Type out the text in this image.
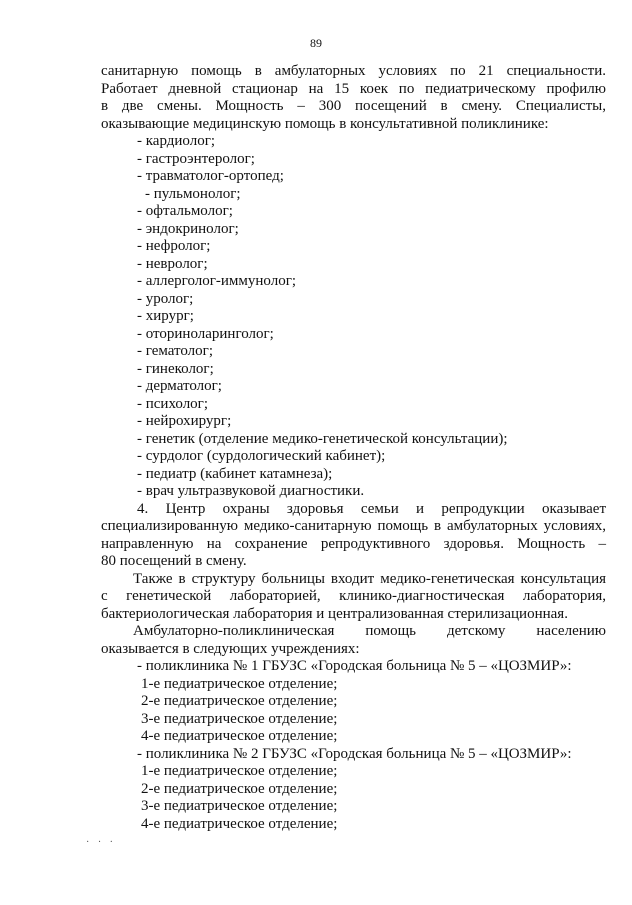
89

санитарную помощь в амбулаторных условиях по 21 специальности.

Работает дневной стационар на 15 коек по педиатрическому профилю

в две смены. Мощность – 300 посещений в смену. Специалисты,

оказывающие медицинскую помощь в консультативной поликлинике:

- кардиолог;
- гастроэнтеролог;
- травматолог-ортопед;
- пульмонолог;
- офтальмолог;
- эндокринолог;
- нефролог;
- невролог;
- аллерголог-иммунолог;
- уролог;
- хирург;
- оториноларинголог;
- гематолог;
- гинеколог;
- дерматолог;
- психолог;
- нейрохирург;
- генетик (отделение медико-генетической консультации);
- сурдолог (сурдологический кабинет);
- педиатр (кабинет катамнеза);
- врач ультразвуковой диагностики.

4. Центр охраны здоровья семьи и репродукции оказывает

специализированную медико-санитарную помощь в амбулаторных условиях,

направленную на сохранение репродуктивного здоровья. Мощность –

80 посещений в смену.

Также в структуру больницы входит медико-генетическая консультация

с генетической лабораторией, клинико-диагностическая лаборатория,

бактериологическая лаборатория и централизованная стерилизационная.

Амбулаторно-поликлиническая помощь детскому населению

оказывается в следующих учреждениях:

- поликлиника № 1 ГБУЗС «Городская больница № 5 – «ЦОЗМИР»:
1-е педиатрическое отделение;
2-е педиатрическое отделение;
3-е педиатрическое отделение;
4-е педиатрическое отделение;
- поликлиника № 2 ГБУЗС «Городская больница № 5 – «ЦОЗМИР»:
1-е педиатрическое отделение;
2-е педиатрическое отделение;
3-е педиатрическое отделение;
4-е педиатрическое отделение;
· · ·
